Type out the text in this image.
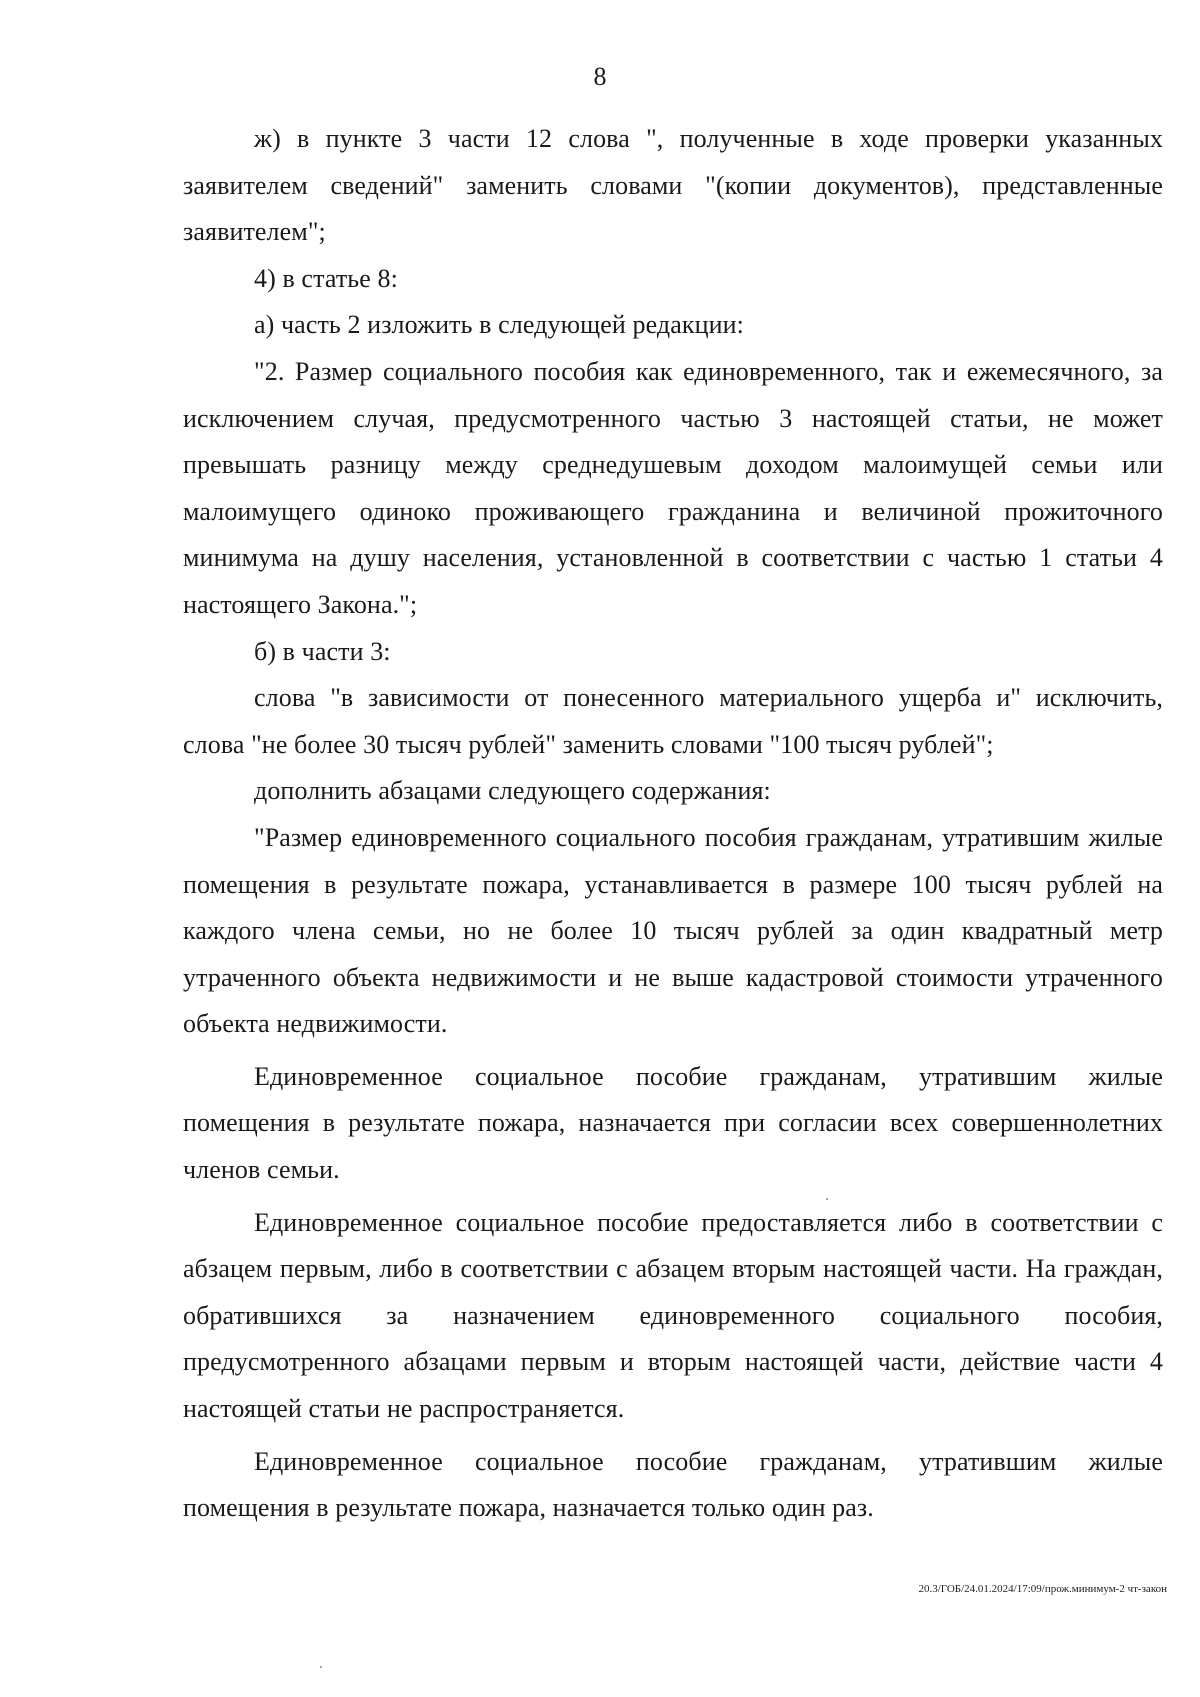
8

ж) в пункте 3 части 12 слова ", полученные в ходе проверки указанных заявителем сведений" заменить словами "(копии документов), представленные заявителем";

4) в статье 8:

а) часть 2 изложить в следующей редакции:

"2. Размер социального пособия как единовременного, так и ежемесячного, за исключением случая, предусмотренного частью 3 настоящей статьи, не может превышать разницу между среднедушевым доходом малоимущей семьи или малоимущего одиноко проживающего гражданина и величиной прожиточного минимума на душу населения, установленной в соответствии с частью 1 статьи 4 настоящего Закона.";

б) в части 3:

слова "в зависимости от понесенного материального ущерба и" исключить, слова "не более 30 тысяч рублей" заменить словами "100 тысяч рублей";

дополнить абзацами следующего содержания:

"Размер единовременного социального пособия гражданам, утратившим жилые помещения в результате пожара, устанавливается в размере 100 тысяч рублей на каждого члена семьи, но не более 10 тысяч рублей за один квадратный метр утраченного объекта недвижимости и не выше кадастровой стоимости утраченного объекта недвижимости.

Единовременное социальное пособие гражданам, утратившим жилые помещения в результате пожара, назначается при согласии всех совершеннолетних членов семьи.

Единовременное социальное пособие предоставляется либо в соответствии с абзацем первым, либо в соответствии с абзацем вторым настоящей части. На граждан, обратившихся за назначением единовременного социального пособия, предусмотренного абзацами первым и вторым настоящей части, действие части 4 настоящей статьи не распространяется.

Единовременное социальное пособие гражданам, утратившим жилые помещения в результате пожара, назначается только один раз.

20.3/ГОБ/24.01.2024/17:09/прож.минимум-2 чт-закон
